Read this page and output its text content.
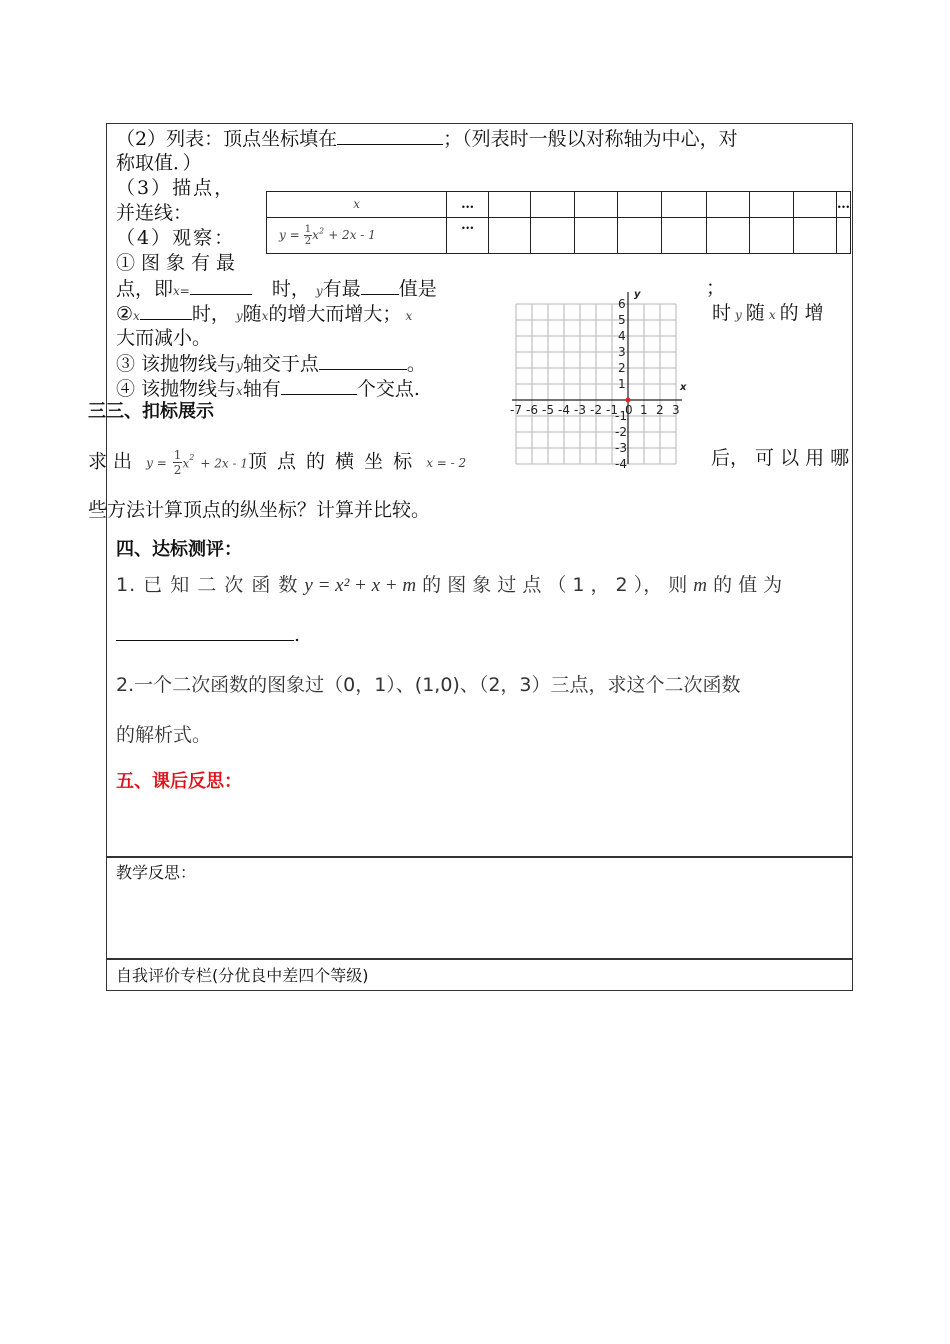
（2）列表：顶点坐标填在	；（列表时一般以对称轴为中心，对
称取值．）
（3）描点，
并连线：	x	…									…
$y = \frac{1}{2} x^2 + 2x - 1$	…									
（4）观察：
①图象有最
点，即x=	时， y有最 值是	；
②x	时， y随x的增大而增大； x	时y 随 x 的 增
大而减小。
③ 该抛物线与y轴交于点	。
④ 该抛物线与x轴有	个交点.
y
x
6
5
4
3
2
1
-1
-2
-3
-4
-7 -6 -5 -4 -3 -2 -1 1 2 3
0
三三、扣标展示
求 出 $y = \frac{1}{2} x^2 + 2x - 1$顶 点 的 横 坐 标 x = - 2	后， 可 以 用 哪
些方法计算顶点的纵坐标？计算并比较。
四、达标测评：
1. 已 知 二 次 函 数 y = x² + x + m 的 图 象 过 点 （ 1 ， 2 ）， 则 m 的 值 为
.
2.一个二次函数的图象过（0，1）、(1,0)、（2，3）三点，求这个二次函数
的解析式。
五、课后反思：
教学反思：
自我评价专栏(分优良中差四个等级)
